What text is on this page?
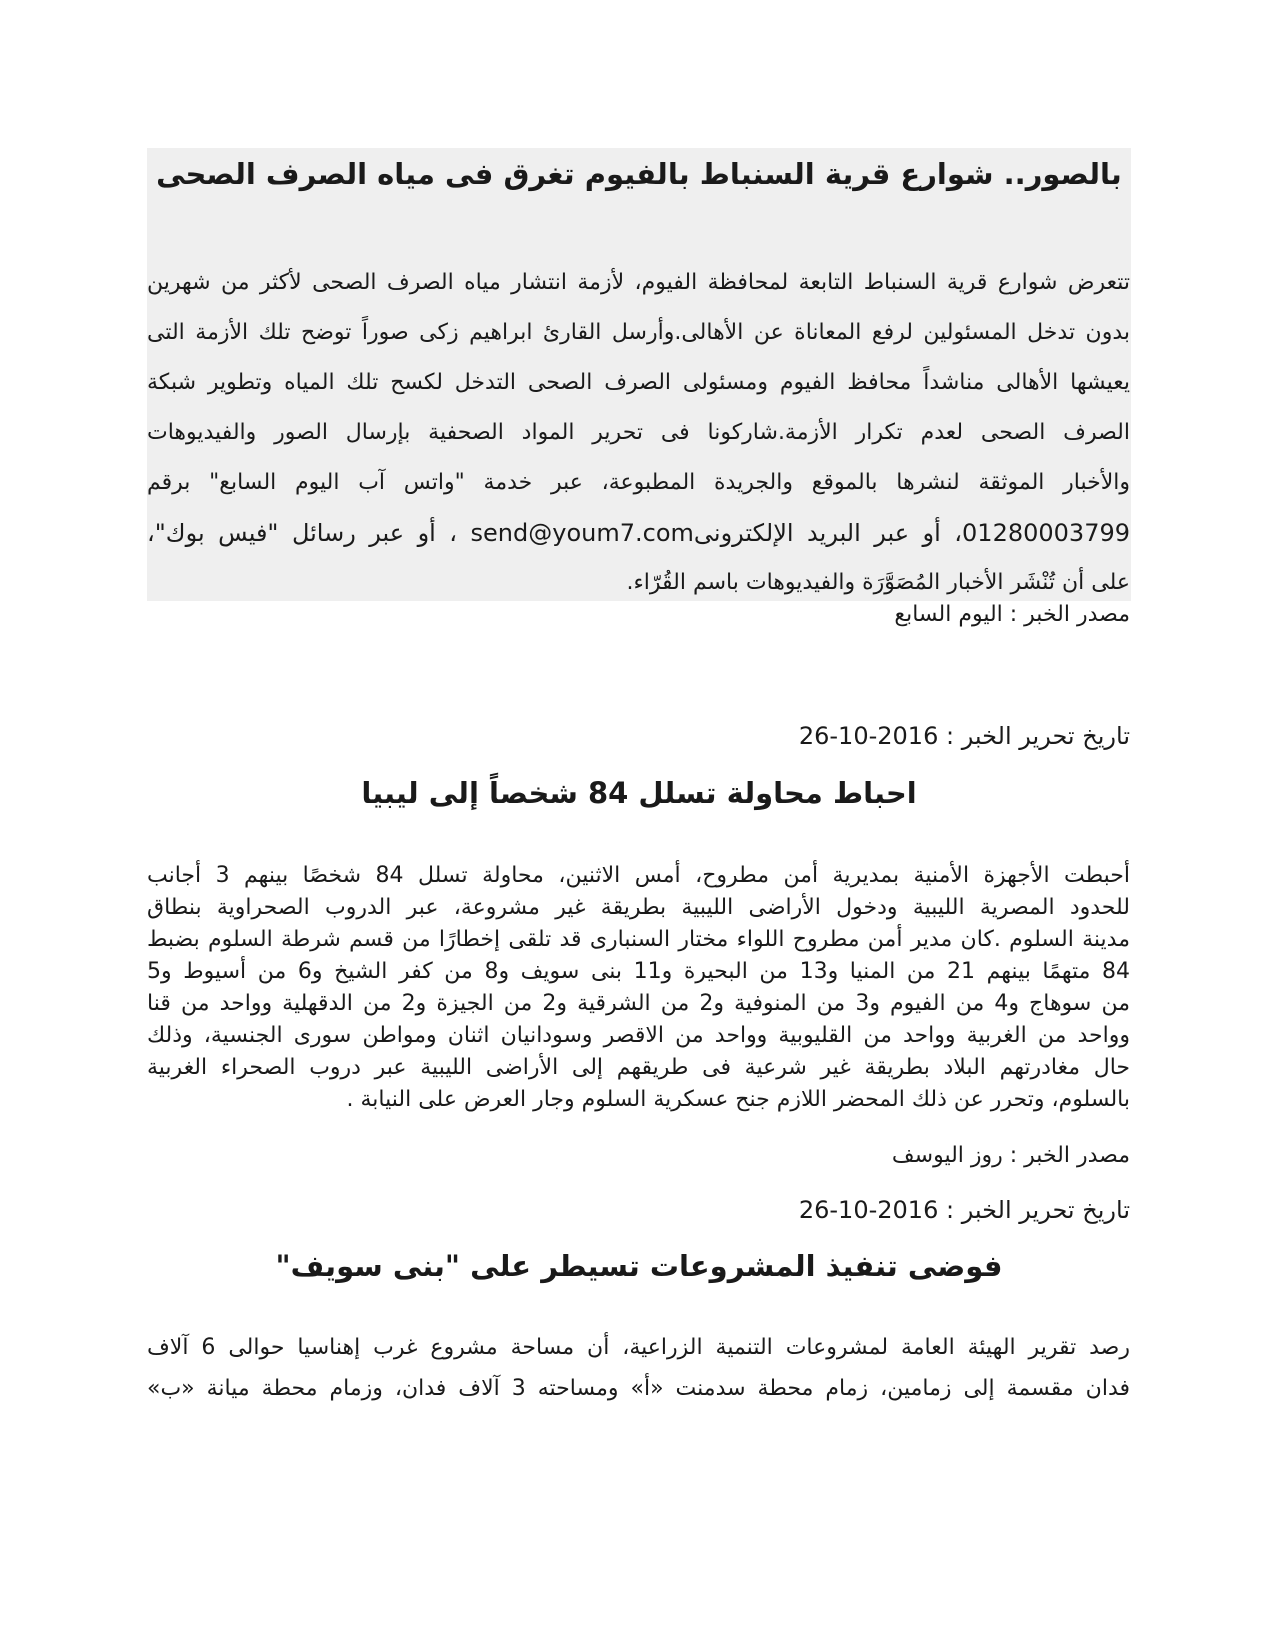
بالصور.. شوارع قرية السنباط بالفيوم تغرق فى مياه الصرف الصحى
تتعرض شوارع قرية السنباط التابعة لمحافظة الفيوم، لأزمة انتشار مياه الصرف الصحى لأكثر من شهرين
بدون تدخل المسئولين لرفع المعاناة عن الأهالى.وأرسل القارئ ابراهيم زكى صوراً توضح تلك الأزمة التى
يعيشها الأهالى مناشداً محافظ الفيوم ومسئولى الصرف الصحى التدخل لكسح تلك المياه وتطوير شبكة
الصرف الصحى لعدم تكرار الأزمة.شاركونا فى تحرير المواد الصحفية بإرسال الصور والفيديوهات
والأخبار الموثقة لنشرها بالموقع والجريدة المطبوعة، عبر خدمة "واتس آب اليوم السابع" برقم
01280003799، أو عبر البريد الإلكترونى‎send@youm7.com‎ ، أو عبر رسائل "فيس بوك"،
على أن تُنْشَر الأخبار المُصَوَّرَة والفيديوهات باسم القُرّاء.
مصدر الخبر : اليوم السابع
تاريخ تحرير الخبر : 2016-10-26
احباط محاولة تسلل 84 شخصاً إلى ليبيا
أحبطت الأجهزة الأمنية بمديرية أمن مطروح، أمس الاثنين، محاولة تسلل 84 شخصًا بينهم 3 أجانب
للحدود المصرية الليبية ودخول الأراضى الليبية بطريقة غير مشروعة، عبر الدروب الصحراوية بنطاق
مدينة السلوم .كان مدير أمن مطروح اللواء مختار السنبارى قد تلقى إخطارًا من قسم شرطة السلوم بضبط
84 متهمًا بينهم 21 من المنيا و13 من البحيرة و11 بنى سويف و8 من كفر الشيخ و6 من أسيوط و5
من سوهاج و4 من الفيوم و3 من المنوفية و2 من الشرقية و2 من الجيزة و2 من الدقهلية وواحد من قنا
وواحد من الغربية وواحد من القليوبية وواحد من الاقصر وسودانيان اثنان ومواطن سورى الجنسية، وذلك
حال مغادرتهم البلاد بطريقة غير شرعية فى طريقهم إلى الأراضى الليبية عبر دروب الصحراء الغربية
بالسلوم، وتحرر عن ذلك المحضر اللازم جنح عسكرية السلوم وجار العرض على النيابة .
مصدر الخبر : روز اليوسف
تاريخ تحرير الخبر : 2016-10-26
فوضى تنفيذ المشروعات تسيطر على "بنى سويف"
رصد تقرير الهيئة العامة لمشروعات التنمية الزراعية، أن مساحة مشروع غرب إهناسيا حوالى 6 آلاف
فدان مقسمة إلى زمامين، زمام محطة سدمنت «أ» ومساحته 3 آلاف فدان، وزمام محطة ميانة «ب»
